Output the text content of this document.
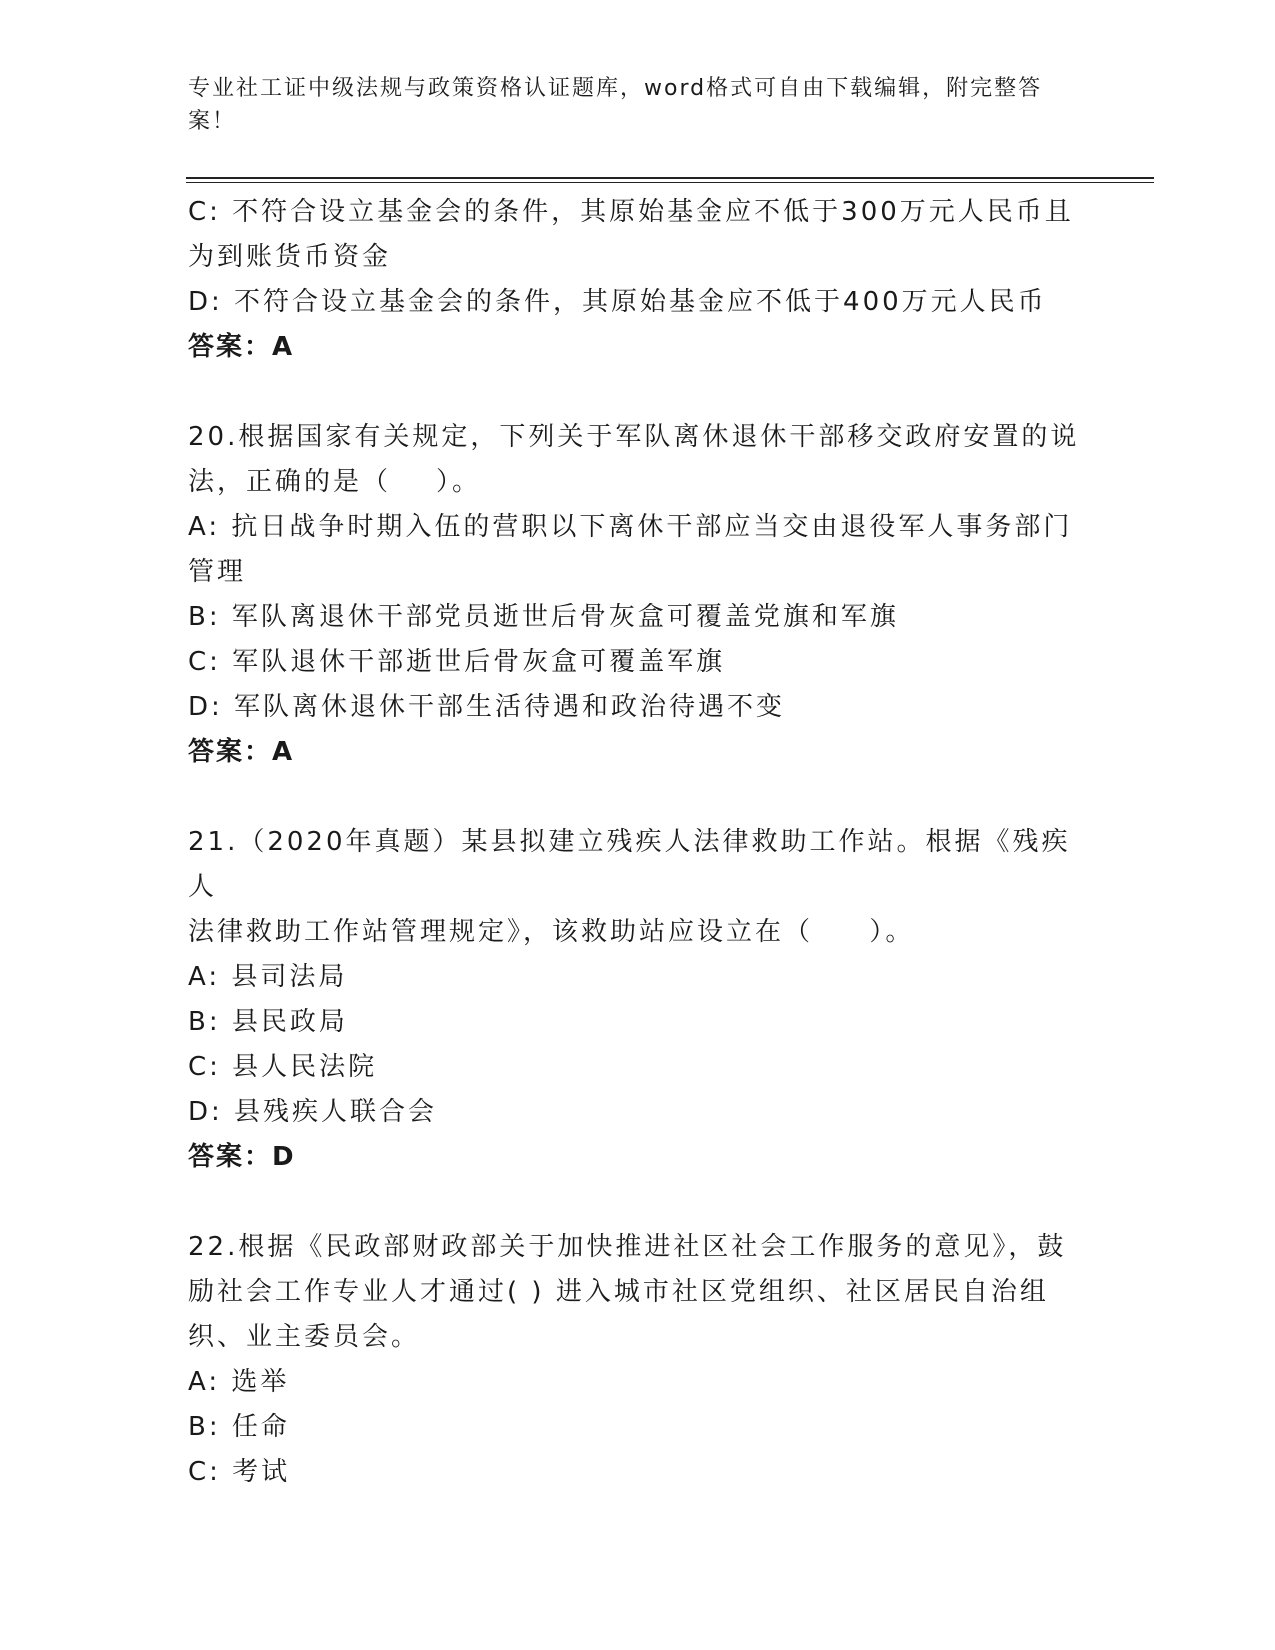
专业社工证中级法规与政策资格认证题库，word格式可自由下载编辑，附完整答案！
C: 不符合设立基金会的条件，其原始基金应不低于300万元人民币且
为到账货币资金
D: 不符合设立基金会的条件，其原始基金应不低于400万元人民币
答案：A
20.根据国家有关规定，下列关于军队离休退休干部移交政府安置的说
法，正确的是（    ）。
A: 抗日战争时期入伍的营职以下离休干部应当交由退役军人事务部门
管理
B: 军队离退休干部党员逝世后骨灰盒可覆盖党旗和军旗
C: 军队退休干部逝世后骨灰盒可覆盖军旗
D: 军队离休退休干部生活待遇和政治待遇不变
答案：A
21.（2020年真题）某县拟建立残疾人法律救助工作站。根据《残疾人
法律救助工作站管理规定》，该救助站应设立在（     ）。
A: 县司法局
B: 县民政局
C: 县人民法院
D: 县残疾人联合会
答案：D
22.根据《民政部财政部关于加快推进社区社会工作服务的意见》，鼓
励社会工作专业人才通过( ) 进入城市社区党组织、社区居民自治组
织、业主委员会。
A: 选举
B: 任命
C: 考试
